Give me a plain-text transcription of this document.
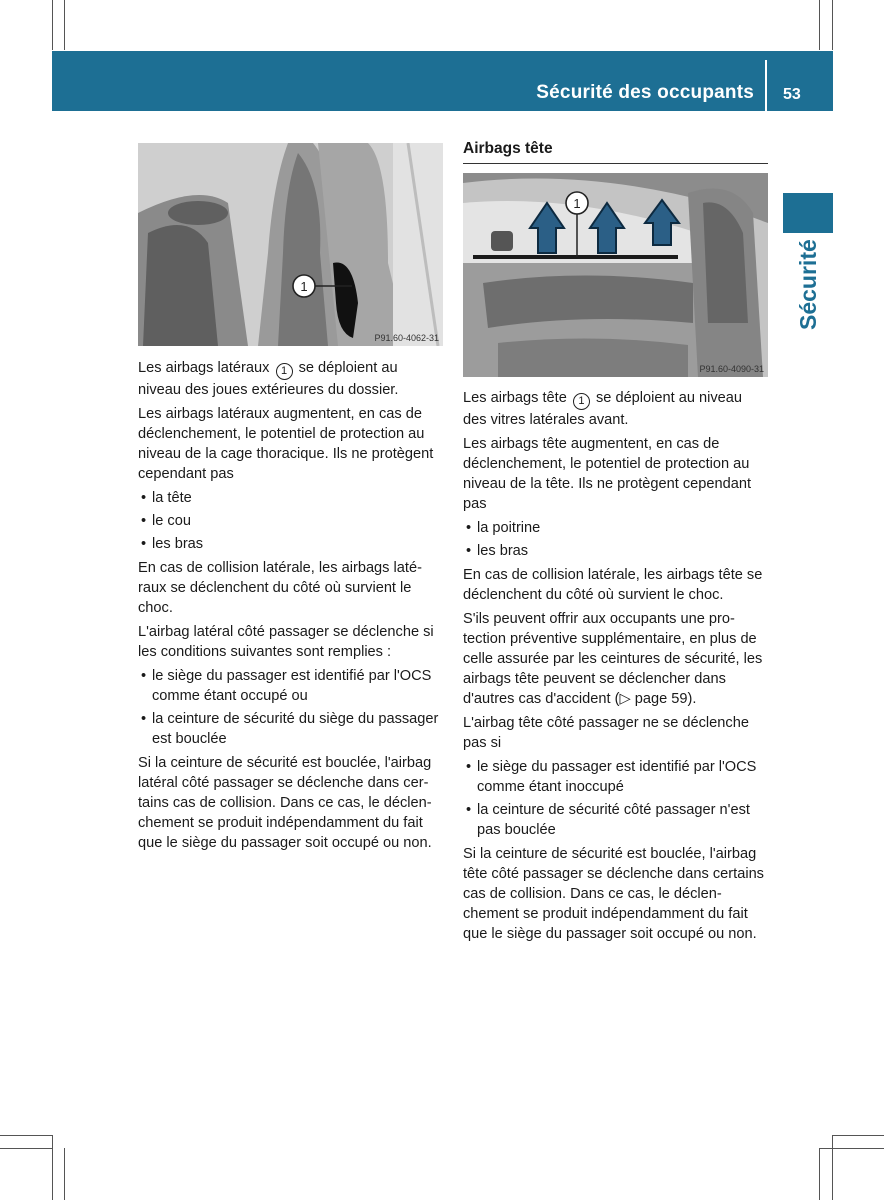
Sécurité des occupants 53
Sécurité
1
P91.60-4062-31
Airbags tête
1
P91.60-4090-31

Les airbags latéraux 1 se déploient au niveau des joues extérieures du dossier.

Les airbags latéraux augmentent, en cas de déclenchement, le potentiel de protection au niveau de la cage thoracique. Ils ne protègent cependant pas

• la tête
• le cou
• les bras

En cas de collision latérale, les airbags latéraux se déclenchent du côté où survient le choc.

L'airbag latéral côté passager se déclenche si les conditions suivantes sont remplies :

• le siège du passager est identifié par l'OCS comme étant occupé ou
• la ceinture de sécurité du siège du passager est bouclée

Si la ceinture de sécurité est bouclée, l'airbag latéral côté passager se déclenche dans certains cas de collision. Dans ce cas, le déclenchement se produit indépendamment du fait que le siège du passager soit occupé ou non.

Les airbags tête 1 se déploient au niveau des vitres latérales avant.

Les airbags tête augmentent, en cas de déclenchement, le potentiel de protection au niveau de la tête. Ils ne protègent cependant pas

• la poitrine
• les bras

En cas de collision latérale, les airbags tête se déclenchent du côté où survient le choc.

S'ils peuvent offrir aux occupants une protection préventive supplémentaire, en plus de celle assurée par les ceintures de sécurité, les airbags tête peuvent se déclencher dans d'autres cas d'accident (▷ page 59).

L'airbag tête côté passager ne se déclenche pas si

• le siège du passager est identifié par l'OCS comme étant inoccupé
• la ceinture de sécurité côté passager n'est pas bouclée

Si la ceinture de sécurité est bouclée, l'airbag tête côté passager se déclenche dans certains cas de collision. Dans ce cas, le déclenchement se produit indépendamment du fait que le siège du passager soit occupé ou non.
